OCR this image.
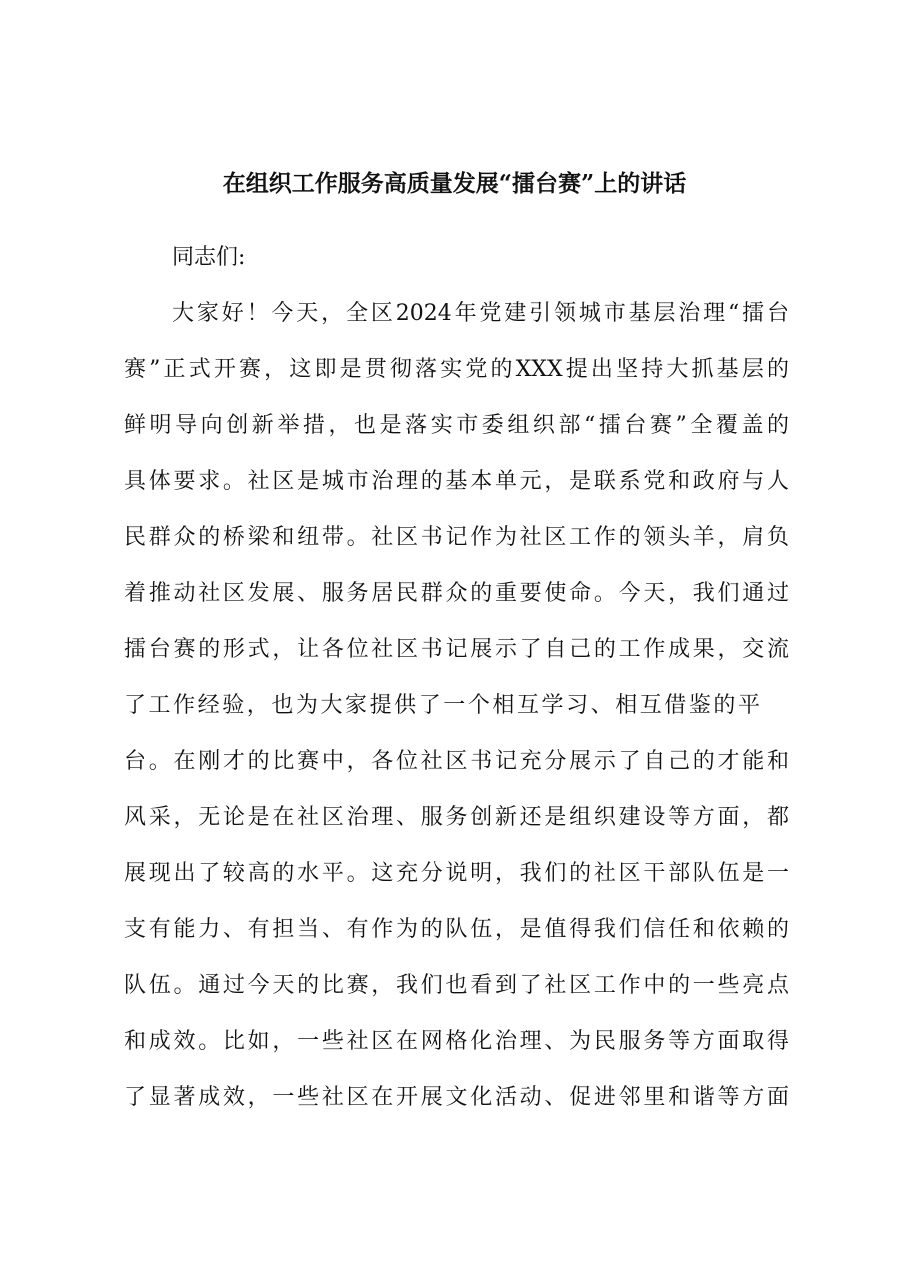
在组织工作服务高质量发展“擂台赛”上的讲话
同志们:
大家好！今天，全区2024年党建引领城市基层治理“擂台
赛”正式开赛，这即是贯彻落实党的XXX提出坚持大抓基层的
鲜明导向创新举措，也是落实市委组织部“擂台赛”全覆盖的
具体要求。社区是城市治理的基本单元，是联系党和政府与人
民群众的桥梁和纽带。社区书记作为社区工作的领头羊，肩负
着推动社区发展、服务居民群众的重要使命。今天，我们通过
擂台赛的形式，让各位社区书记展示了自己的工作成果，交流
了工作经验，也为大家提供了一个相互学习、相互借鉴的平
台。在刚才的比赛中，各位社区书记充分展示了自己的才能和
风采，无论是在社区治理、服务创新还是组织建设等方面，都
展现出了较高的水平。这充分说明，我们的社区干部队伍是一
支有能力、有担当、有作为的队伍，是值得我们信任和依赖的
队伍。通过今天的比赛，我们也看到了社区工作中的一些亮点
和成效。比如，一些社区在网格化治理、为民服务等方面取得
了显著成效，一些社区在开展文化活动、促进邻里和谐等方面
